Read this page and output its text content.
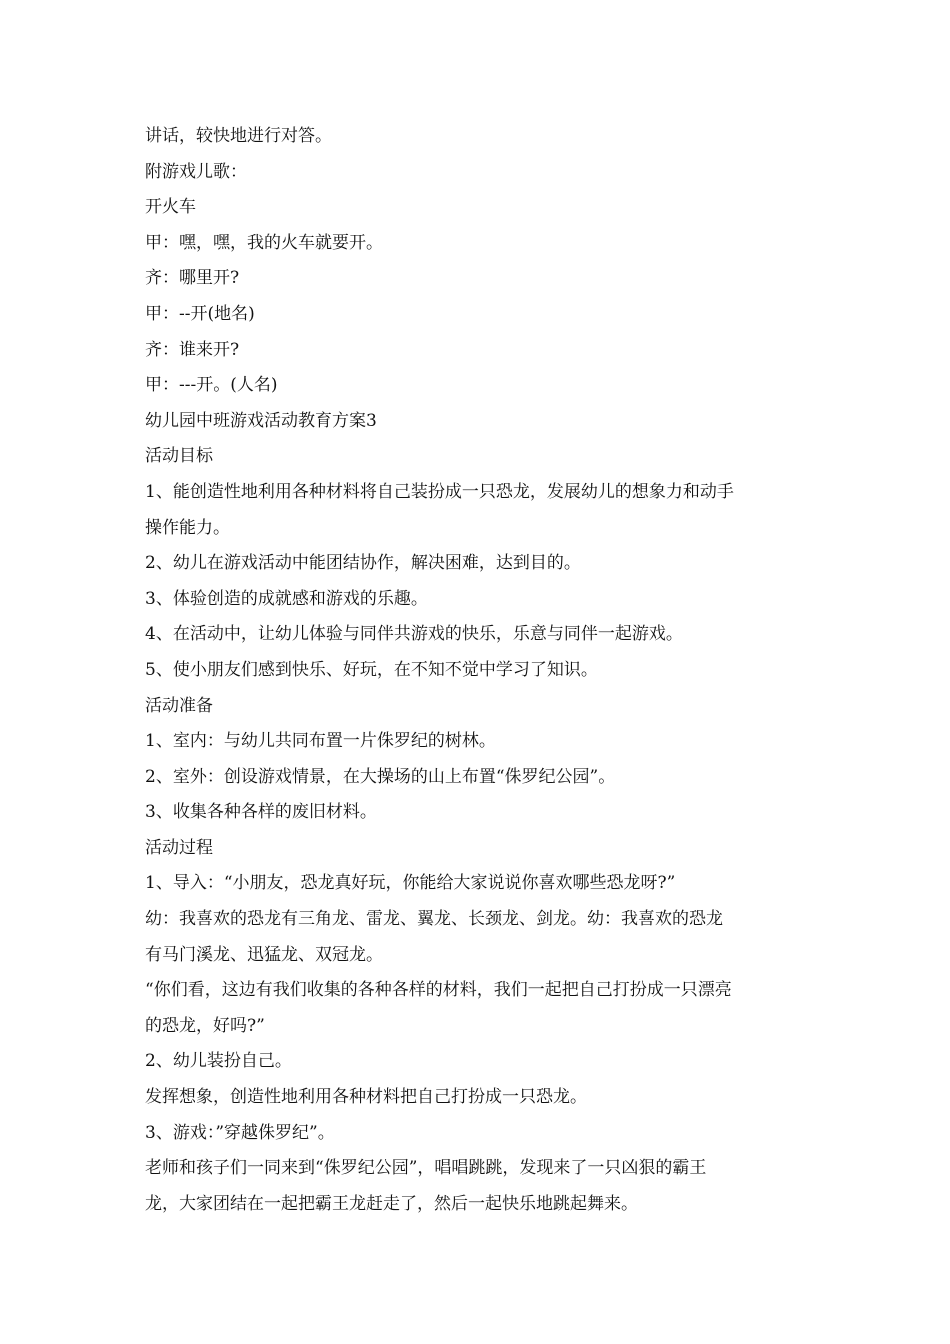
讲话，较快地进行对答。
附游戏儿歌：
开火车
甲：嘿，嘿，我的火车就要开。
齐：哪里开?
甲：--开(地名)
齐：谁来开?
甲：---开。(人名)
幼儿园中班游戏活动教育方案3
活动目标
1、能创造性地利用各种材料将自己装扮成一只恐龙，发展幼儿的想象力和动手
操作能力。
2、幼儿在游戏活动中能团结协作，解决困难，达到目的。
3、体验创造的成就感和游戏的乐趣。
4、在活动中，让幼儿体验与同伴共游戏的快乐，乐意与同伴一起游戏。
5、使小朋友们感到快乐、好玩，在不知不觉中学习了知识。
活动准备
1、室内：与幼儿共同布置一片侏罗纪的树林。
2、室外：创设游戏情景，在大操场的山上布置“侏罗纪公园”。
3、收集各种各样的废旧材料。
活动过程
1、导入：“小朋友，恐龙真好玩，你能给大家说说你喜欢哪些恐龙呀?”
幼：我喜欢的恐龙有三角龙、雷龙、翼龙、长颈龙、剑龙。幼：我喜欢的恐龙
有马门溪龙、迅猛龙、双冠龙。
“你们看，这边有我们收集的各种各样的材料，我们一起把自己打扮成一只漂亮
的恐龙，好吗?”
2、幼儿装扮自己。
发挥想象，创造性地利用各种材料把自己打扮成一只恐龙。
3、游戏：”穿越侏罗纪”。
老师和孩子们一同来到“侏罗纪公园”，唱唱跳跳，发现来了一只凶狠的霸王
龙，大家团结在一起把霸王龙赶走了，然后一起快乐地跳起舞来。
